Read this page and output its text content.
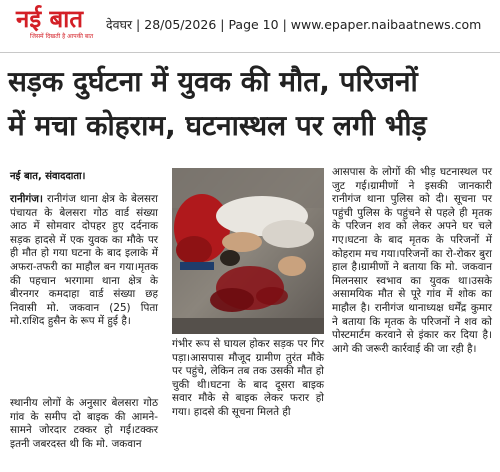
नई बात
जिसमें दिखती है आपकी बात
देवघर | 28/05/2026 | Page 10 | www.epaper.naibaatnews.com
सड़क दुर्घटना में युवक की मौत, परिजनों
में मचा कोहराम, घटनास्थल पर लगी भीड़
नई बात, संवाददाता।
रानीगंज। रानीगंज थाना क्षेत्र के बेलसरा पंचायत के बेलसरा गोठ वार्ड संख्या आठ में सोमवार दोपहर हुए दर्दनाक सड़क हादसे में एक युवक का मौके पर ही मौत हो गया घटना के बाद इलाके में अफरा-तफरी का माहौल बन गया।मृतक की पहचान भरगामा थाना क्षेत्र के बीरनगर कमदाहा वार्ड संख्या छह निवासी मो. जकवान (25) पिता मो.राशिद हुसैन के रूप में हुई है।
स्थानीय लोगों के अनुसार बेलसरा गोठ गांव के समीप दो बाइक की आमने-सामने जोरदार टक्कर हो गई।टक्कर इतनी जबरदस्त थी कि मो. जकवान
गंभीर रूप से घायल होकर सड़क पर गिर पड़ा।आसपास मौजूद ग्रामीण तुरंत मौके पर पहुंचे, लेकिन तब तक उसकी मौत हो चुकी थी।घटना के बाद दूसरा बाइक सवार मौके से बाइक लेकर फरार हो गया। हादसे की सूचना मिलते ही
आसपास के लोगों की भीड़ घटनास्थल पर जुट गई।ग्रामीणों ने इसकी जानकारी रानीगंज थाना पुलिस को दी। सूचना पर पहुंची पुलिस के पहुंचने से पहले ही मृतक के परिजन शव को लेकर अपने घर चले गए।घटना के बाद मृतक के परिजनों में कोहराम मच गया।परिजनों का रो-रोकर बुरा हाल है।ग्रामीणों ने बताया कि मो. जकवान मिलनसार स्वभाव का युवक था।उसके असामयिक मौत से पूरे गांव में शोक का माहौल है। रानीगंज थानाध्यक्ष धर्मेंद्र कुमार ने बताया कि मृतक के परिजनों ने शव को पोस्टमार्टम करवाने से इंकार कर दिया है। आगे की जरूरी कार्रवाई की जा रही है।
